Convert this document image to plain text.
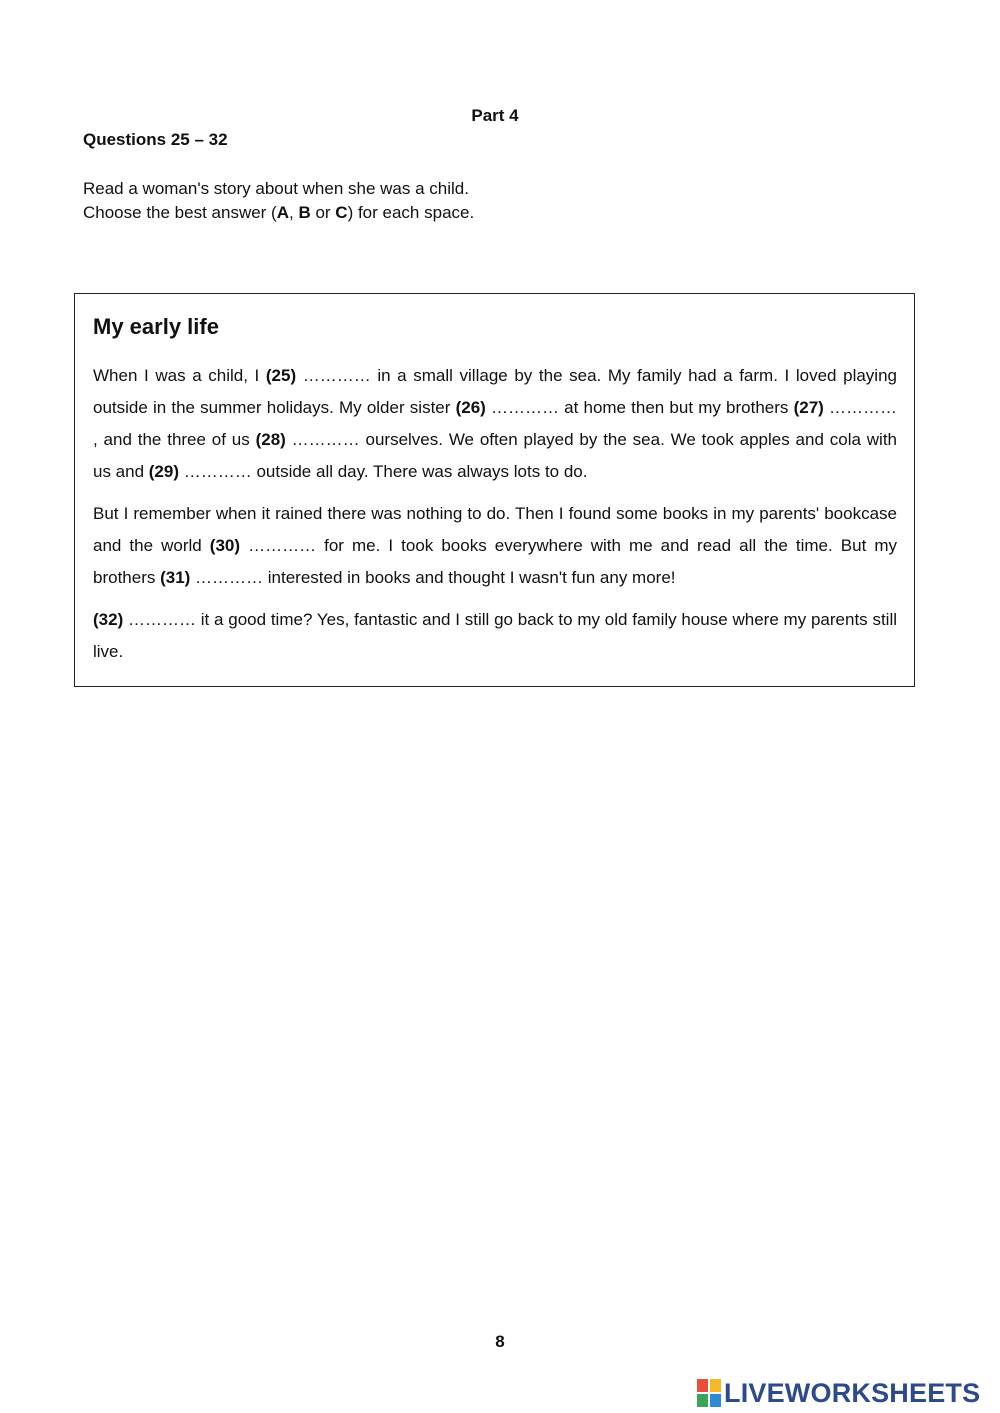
Part 4
Questions 25 – 32
Read a woman's story about when she was a child.
Choose the best answer (A, B or C) for each space.
My early life

When I was a child, I (25) ………… in a small village by the sea. My family had a farm. I loved playing outside in the summer holidays. My older sister (26) ………… at home then but my brothers (27) ………… , and the three of us (28) ………… ourselves. We often played by the sea. We took apples and cola with us and (29) ………… outside all day. There was always lots to do.

But I remember when it rained there was nothing to do. Then I found some books in my parents' bookcase and the world (30) ………… for me. I took books everywhere with me and read all the time. But my brothers (31) ………… interested in books and thought I wasn't fun any more!

(32) ………… it a good time? Yes, fantastic and I still go back to my old family house where my parents still live.

8
LIVEWORKSHEETS
